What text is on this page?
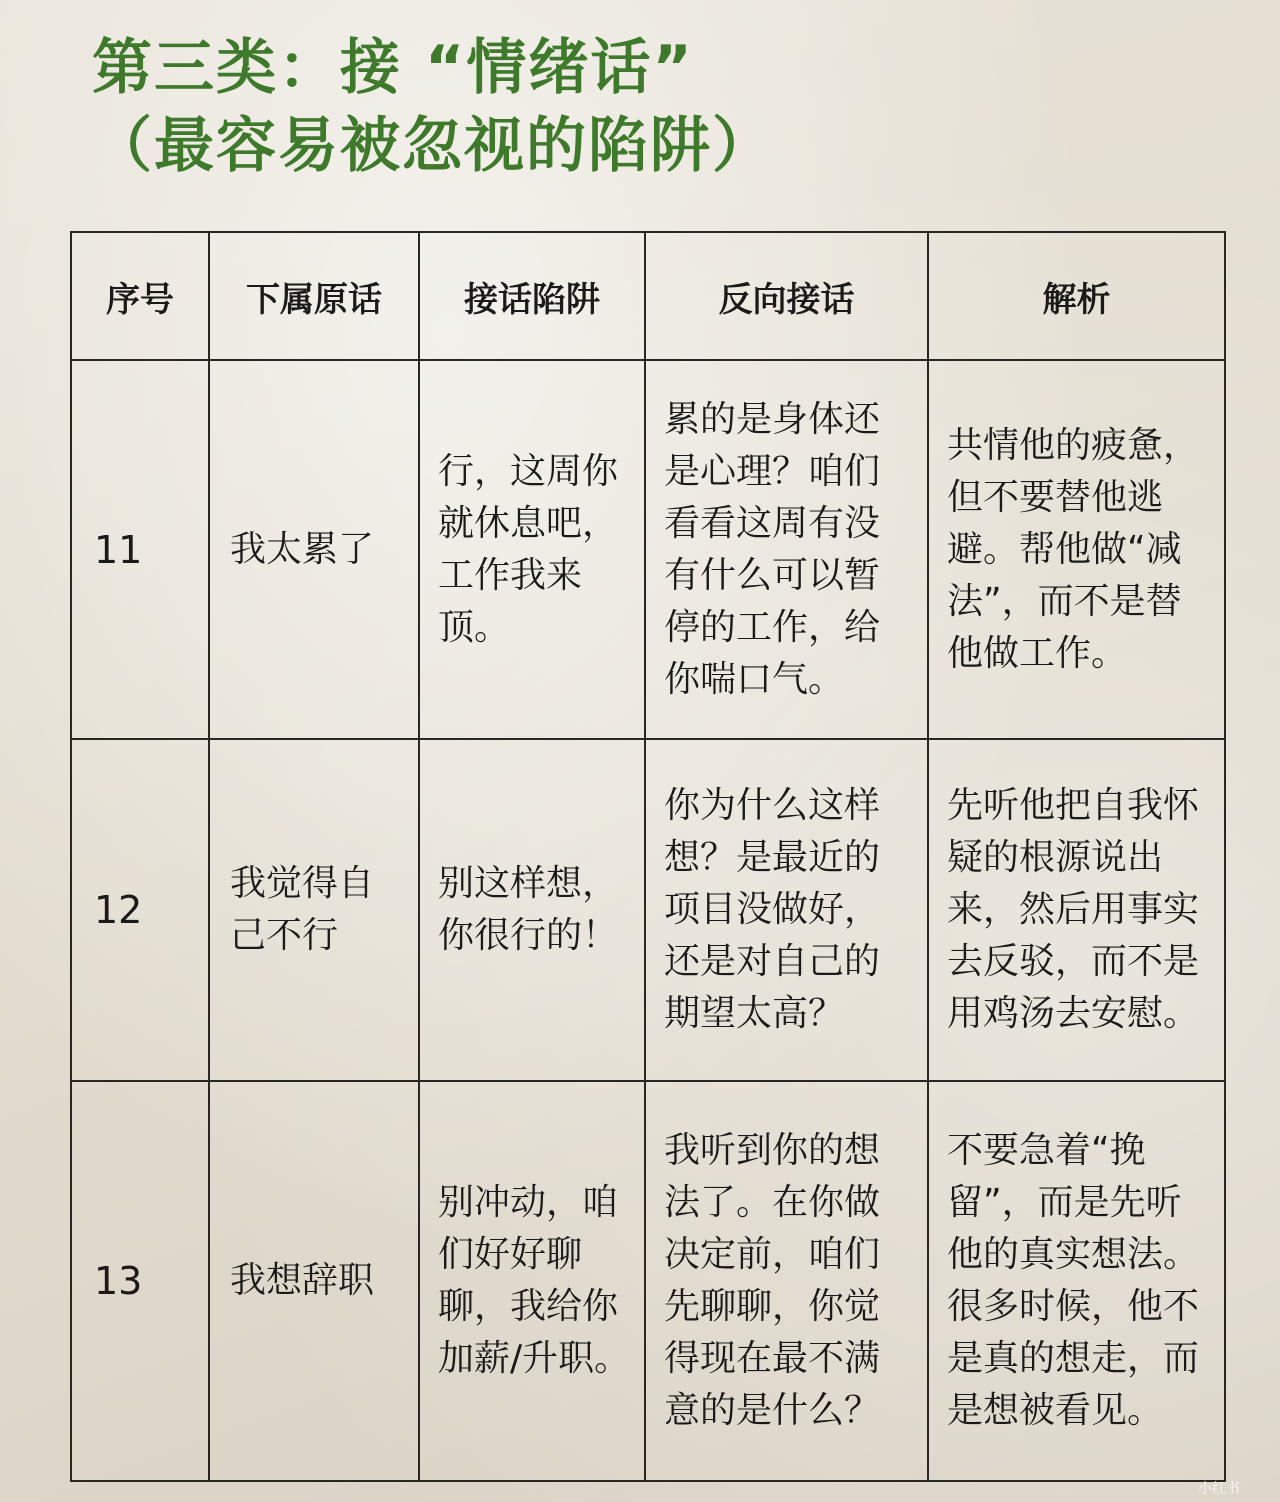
第三类：接 “情绪话”
（最容易被忽视的陷阱）
序号	下属原话	接话陷阱	反向接话	解析
11	我太累了	行，这周你就休息吧，工作我来顶。	累的是身体还是心理？咱们看看这周有没有什么可以暂停的工作，给你喘口气。	共情他的疲惫，但不要替他逃避。帮他做“减法”，而不是替他做工作。
12	我觉得自己不行	别这样想，你很行的！	你为什么这样想？是最近的项目没做好，还是对自己的期望太高？	先听他把自我怀疑的根源说出来，然后用事实去反驳，而不是用鸡汤去安慰。
13	我想辞职	别冲动，咱们好好聊聊，我给你加薪/升职。	我听到你的想法了。在你做决定前，咱们先聊聊，你觉得现在最不满意的是什么？	不要急着“挽留”，而是先听他的真实想法。很多时候，他不是真的想走，而是想被看见。
小红书
